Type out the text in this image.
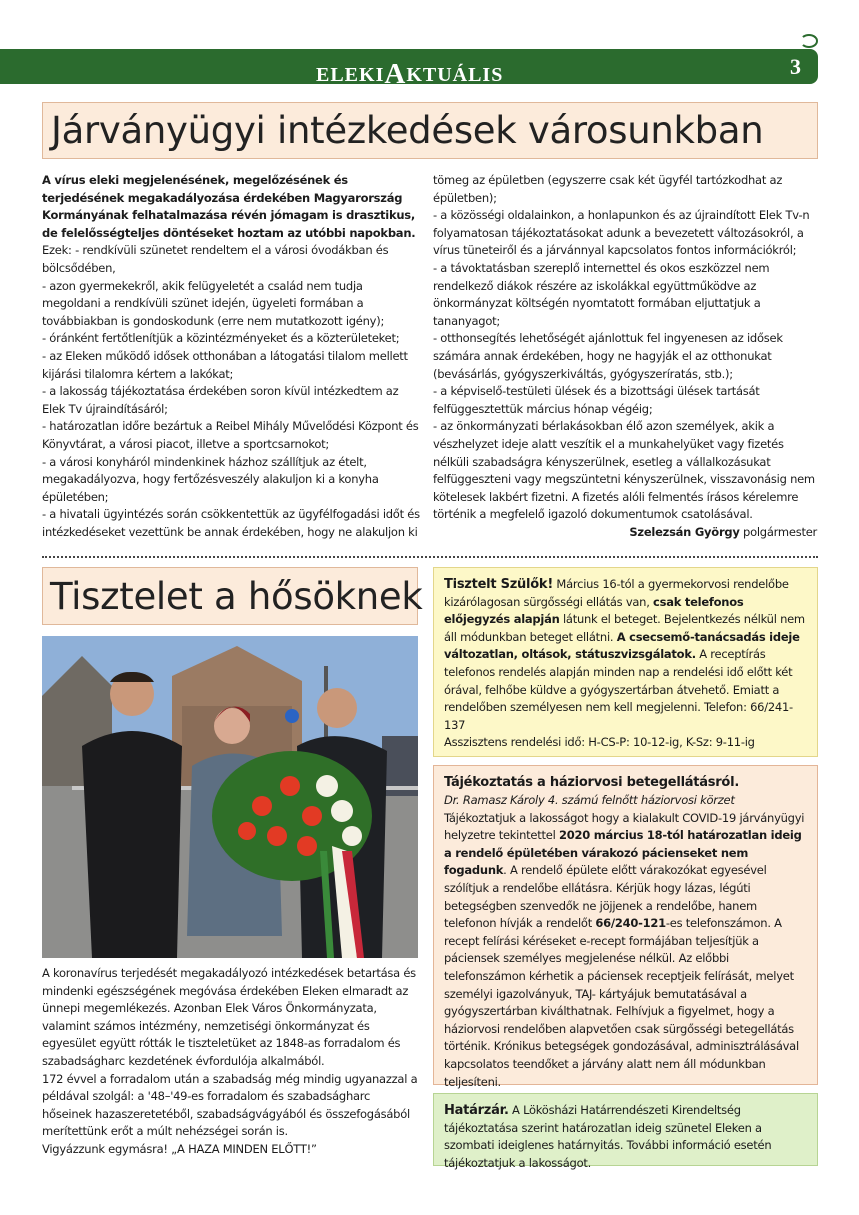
ELEKIAKTUÁLIS	3
Járványügyi intézkedések városunkban

A vírus eleki megjelenésének, megelőzésének és terjedésének megakadályozása érdekében Magyarország Kormányának felhatalmazása révén jómagam is drasztikus, de felelősségteljes döntéseket hoztam az utóbbi napokban.

Ezek: - rendkívüli szünetet rendeltem el a városi óvodákban és bölcsődében,

- azon gyermekekről, akik felügyeletét a család nem tudja megoldani a rendkívüli szünet idején, ügyeleti formában a továbbiakban is gondoskodunk (erre nem mutatkozott igény);

- óránként fertőtlenítjük a közintézményeket és a közterületeket;

- az Eleken működő idősek otthonában a látogatási tilalom mellett kijárási tilalomra kértem a lakókat;

- a lakosság tájékoztatása érdekében soron kívül intézkedtem az Elek Tv újraindításáról;

- határozatlan időre bezártuk a Reibel Mihály Művelődési Központ és Könyvtárat, a városi piacot, illetve a sportcsarnokot;

- a városi konyháról mindenkinek házhoz szállítjuk az ételt, megakadályozva, hogy fertőzésveszély alakuljon ki a konyha épületében;

- a hivatali ügyintézés során csökkentettük az ügyfélfogadási időt és intézkedéseket vezettünk be annak érdekében, hogy ne alakuljon ki

tömeg az épületben (egyszerre csak két ügyfél tartózkodhat az épületben);

- a közösségi oldalainkon, a honlapunkon és az újraindított Elek Tv-n folyamatosan tájékoztatásokat adunk a bevezetett változásokról, a vírus tüneteiről és a járvánnyal kapcsolatos fontos információkról;

- a távoktatásban szereplő internettel és okos eszközzel nem rendelkező diákok részére az iskolákkal együttműködve az önkormányzat költségén nyomtatott formában eljuttatjuk a tananyagot;

- otthonsegítés lehetőségét ajánlottuk fel ingyenesen az idősek számára annak érdekében, hogy ne hagyják el az otthonukat (bevásárlás, gyógyszerkiváltás, gyógyszeríratás, stb.);

- a képviselő-testületi ülések és a bizottsági ülések tartását felfüggesztettük március hónap végéig;

- az önkormányzati bérlakásokban élő azon személyek, akik a vészhelyzet ideje alatt veszítik el a munkahelyüket vagy fizetés nélküli szabadságra kényszerülnek, esetleg a vállalkozásukat felfüggeszteni vagy megszüntetni kényszerülnek, visszavonásig nem kötelesek lakbért fizetni. A fizetés alóli felmentés írásos kérelemre történik a megfelelő igazoló dokumentumok csatolásával.

Szelezsán György polgármester

Tisztelet a hősöknek

A koronavírus terjedését megakadályozó intézkedések betartása és mindenki egészségének megóvása érdekében Eleken elmaradt az ünnepi megemlékezés. Azonban Elek Város Önkormányzata, valamint számos intézmény, nemzetiségi önkormányzat és egyesület együtt rótták le tiszteletüket az 1848-as forradalom és szabadságharc kezdetének évfordulója alkalmából.

172 évvel a forradalom után a szabadság még mindig ugyanazzal a példával szolgál: a '48–'49-es forradalom és szabadságharc hőseinek hazaszeretetéből, szabadságvágyából és összefogásából merítettünk erőt a múlt nehézségei során is.

Vigyázzunk egymásra! „A HAZA MINDEN ELŐTT!”

Tisztelt Szülők! Március 16-tól a gyermekorvosi rendelőbe kizárólagosan sürgősségi ellátás van, csak telefonos előjegyzés alapján látunk el beteget. Bejelentkezés nélkül nem áll módunkban beteget ellátni. A csecsemő-tanácsadás ideje változatlan, oltások, státuszvizsgálatok. A receptírás telefonos rendelés alapján minden nap a rendelési idő előtt két órával, felhőbe küldve a gyógyszertárban átvehető. Emiatt a rendelőben személyesen nem kell megjelenni. Telefon: 66/241-137

Asszisztens rendelési idő: H-CS-P: 10-12-ig, K-Sz: 9-11-ig

Tájékoztatás a háziorvosi betegellátásról.

Dr. Ramasz Károly 4. számú felnőtt háziorvosi körzet

Tájékoztatjuk a lakosságot hogy a kialakult COVID-19 járványügyi helyzetre tekintettel 2020 március 18-tól határozatlan ideig a rendelő épületében várakozó pácienseket nem fogadunk. A rendelő épülete előtt várakozókat egyesével szólítjuk a rendelőbe ellátásra. Kérjük hogy lázas, légúti betegségben szenvedők ne jöjjenek a rendelőbe, hanem telefonon hívják a rendelőt 66/240-121-es telefonszámon. A recept felírási kéréseket e-recept formájában teljesítjük a páciensek személyes megjelenése nélkül. Az előbbi telefonszámon kérhetik a páciensek receptjeik felírását, melyet személyi igazolványuk, TAJ- kártyájuk bemutatásával a gyógyszertárban kiválthatnak. Felhívjuk a figyelmet, hogy a háziorvosi rendelőben alapvetően csak sürgősségi betegellátás történik. Krónikus betegségek gondozásával, adminisztrálásával kapcsolatos teendőket a járvány alatt nem áll módunkban teljesíteni.

Határzár. A Lökösházi Határrendészeti Kirendeltség tájékoztatása szerint határozatlan ideig szünetel Eleken a szombati ideiglenes határnyitás. További információ esetén tájékoztatjuk a lakosságot.
